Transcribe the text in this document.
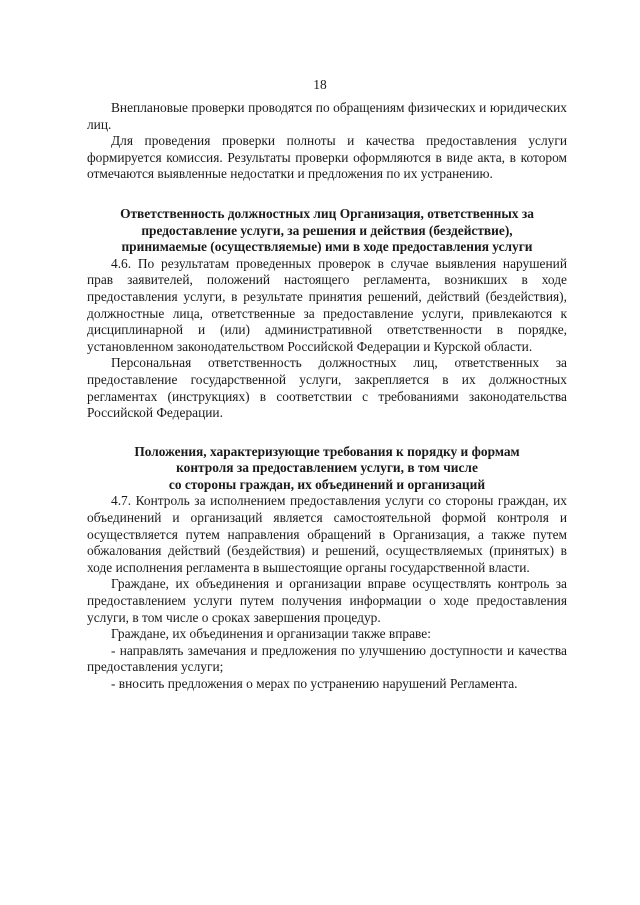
18

Внеплановые проверки проводятся по обращениям физических и юридических лиц.

Для проведения проверки полноты и качества предоставления услуги формируется комиссия. Результаты проверки оформляются в виде акта, в котором отмечаются выявленные недостатки и предложения по их устранению.

Ответственность должностных лиц Организация, ответственных за
предоставление услуги, за решения и действия (бездействие),
принимаемые (осуществляемые) ими в ходе предоставления услуги

4.6. По результатам проведенных проверок в случае выявления нарушений прав заявителей, положений настоящего регламента, возникших в ходе предоставления услуги, в результате принятия решений, действий (бездействия), должностные лица, ответственные за предоставление услуги, привлекаются к дисциплинарной и (или) административной ответственности в порядке, установленном законодательством Российской Федерации и Курской области.

Персональная ответственность должностных лиц, ответственных за предоставление государственной услуги, закрепляется в их должностных регламентах (инструкциях) в соответствии с требованиями законодательства Российской Федерации.

Положения, характеризующие требования к порядку и формам
контроля за предоставлением услуги, в том числе
со стороны граждан, их объединений и организаций

4.7. Контроль за исполнением предоставления услуги со стороны граждан, их объединений и организаций является самостоятельной формой контроля и осуществляется путем направления обращений в Организация, а также путем обжалования действий (бездействия) и решений, осуществляемых (принятых) в ходе исполнения регламента в вышестоящие органы государственной власти.

Граждане, их объединения и организации вправе осуществлять контроль за предоставлением услуги путем получения информации о ходе предоставления услуги, в том числе о сроках завершения процедур.

Граждане, их объединения и организации также вправе:

- направлять замечания и предложения по улучшению доступности и качества предоставления услуги;

- вносить предложения о мерах по устранению нарушений Регламента.
